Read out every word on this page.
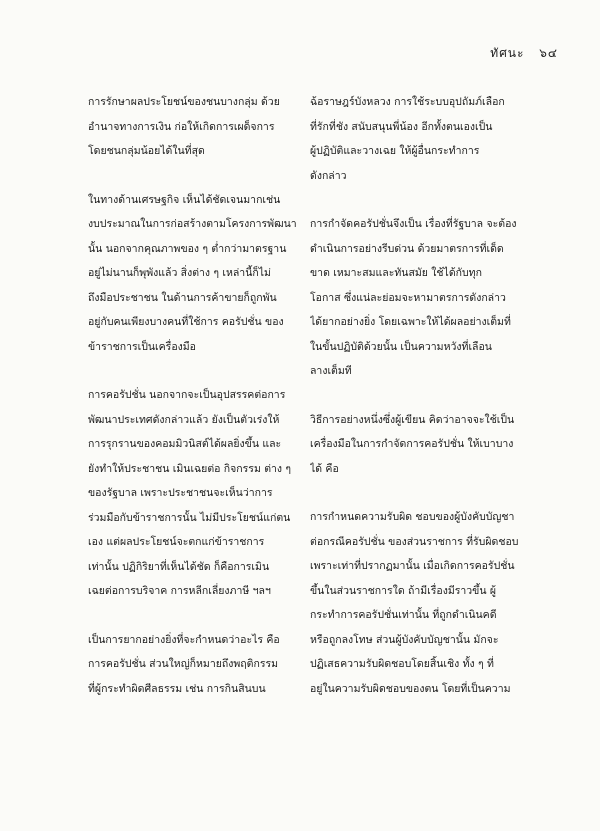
ทัศนะ ๖๔
การรักษาผลประโยชน์ของชนบางกลุ่ม ด้วย
อำนาจทางการเงิน ก่อให้เกิดการเผด็จการ
โดยชนกลุ่มน้อยได้ในที่สุด
ในทางด้านเศรษฐกิจ เห็นได้ชัดเจนมากเช่น
งบประมาณในการก่อสร้างตามโครงการพัฒนา
นั้น นอกจากคุณภาพของ ๆ ต่ำกว่ามาตรฐาน
อยู่ไม่นานก็พุพังแล้ว สิ่งต่าง ๆ เหล่านี้ก็ไม่
ถึงมือประชาชน ในด้านการค้าขายก็ถูกพัน
อยู่กับคนเพียงบางคนที่ใช้การ คอรัปชั่น ของ
ข้าราชการเป็นเครื่องมือ
การคอรัปชั่น นอกจากจะเป็นอุปสรรคต่อการ
พัฒนาประเทศดังกล่าวแล้ว ยังเป็นตัวเร่งให้
การรุกรานของคอมมิวนิสต์ได้ผลยิ่งขึ้น และ
ยังทำให้ประชาชน เมินเฉยต่อ กิจกรรม ต่าง ๆ
ของรัฐบาล เพราะประชาชนจะเห็นว่าการ
ร่วมมือกับข้าราชการนั้น ไม่มีประโยชน์แก่ตน
เอง แต่ผลประโยชน์จะตกแก่ข้าราชการ
เท่านั้น ปฏิกิริยาที่เห็นได้ชัด ก็คือการเมิน
เฉยต่อการบริจาค การหลีกเลี่ยงภาษี ฯลฯ
เป็นการยากอย่างยิ่งที่จะกำหนดว่าอะไร คือ
การคอรัปชั่น ส่วนใหญ่ก็หมายถึงพฤติกรรม
ที่ผู้กระทำผิดศีลธรรม เช่น การกินสินบน
ฉ้อราษฎร์บังหลวง การใช้ระบบอุปถัมภ์เลือก
ที่รักที่ชัง สนับสนุนพี่น้อง อีกทั้งตนเองเป็น
ผู้ปฏิบัติและวางเฉย ให้ผู้อื่นกระทำการ
ดังกล่าว
การกำจัดคอรัปชั่นจึงเป็น เรื่องที่รัฐบาล จะต้อง
ดำเนินการอย่างรีบด่วน ด้วยมาตรการที่เด็ด
ขาด เหมาะสมและทันสมัย ใช้ได้กับทุก
โอกาส ซึ่งแน่ละย่อมจะหามาตรการดังกล่าว
ได้ยากอย่างยิ่ง โดยเฉพาะให้ได้ผลอย่างเต็มที่
ในขั้นปฏิบัติด้วยนั้น เป็นความหวังที่เลือน
ลางเต็มที
วิธีการอย่างหนึ่งซึ่งผู้เขียน คิดว่าอาจจะใช้เป็น
เครื่องมือในการกำจัดการคอรัปชั่น ให้เบาบาง
ได้ คือ
การกำหนดความรับผิด ชอบของผู้บังคับบัญชา
ต่อกรณีคอรัปชั่น ของส่วนราชการ ที่รับผิดชอบ
เพราะเท่าที่ปรากฏมานั้น เมื่อเกิดการคอรัปชั่น
ขึ้นในส่วนราชการใด ถ้ามีเรื่องมีราวขึ้น ผู้
กระทำการคอรัปชั่นเท่านั้น ที่ถูกดำเนินคดี
หรือถูกลงโทษ ส่วนผู้บังคับบัญชานั้น มักจะ
ปฏิเสธความรับผิดชอบโดยสิ้นเชิง ทั้ง ๆ ที่
อยู่ในความรับผิดชอบของตน โดยที่เป็นความ
